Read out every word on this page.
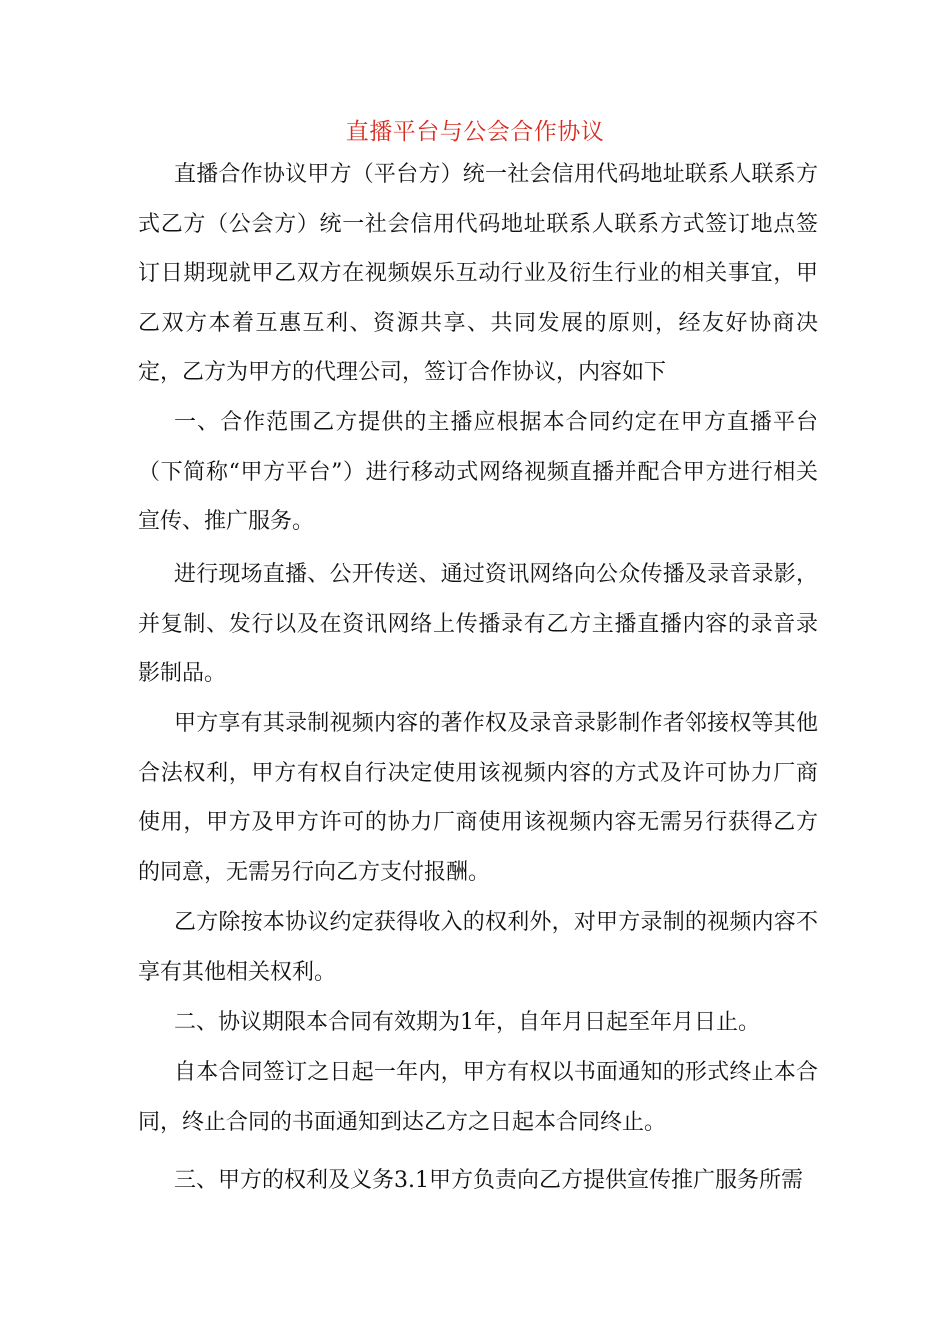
直播平台与公会合作协议

直播合作协议甲方（平台方）统一社会信用代码地址联系人联系方式乙方（公会方）统一社会信用代码地址联系人联系方式签订地点签订日期现就甲乙双方在视频娱乐互动行业及衍生行业的相关事宜，甲乙双方本着互惠互利、资源共享、共同发展的原则，经友好协商决定，乙方为甲方的代理公司，签订合作协议，内容如下

一、合作范围乙方提供的主播应根据本合同约定在甲方直播平台（下简称“甲方平台”）进行移动式网络视频直播并配合甲方进行相关宣传、推广服务。

进行现场直播、公开传送、通过资讯网络向公众传播及录音录影，并复制、发行以及在资讯网络上传播录有乙方主播直播内容的录音录影制品。

甲方享有其录制视频内容的著作权及录音录影制作者邻接权等其他合法权利，甲方有权自行决定使用该视频内容的方式及许可协力厂商使用，甲方及甲方许可的协力厂商使用该视频内容无需另行获得乙方的同意，无需另行向乙方支付报酬。

乙方除按本协议约定获得收入的权利外，对甲方录制的视频内容不享有其他相关权利。

二、协议期限本合同有效期为1年，自年月日起至年月日止。

自本合同签订之日起一年内，甲方有权以书面通知的形式终止本合同，终止合同的书面通知到达乙方之日起本合同终止。

三、甲方的权利及义务3.1甲方负责向乙方提供宣传推广服务所需
